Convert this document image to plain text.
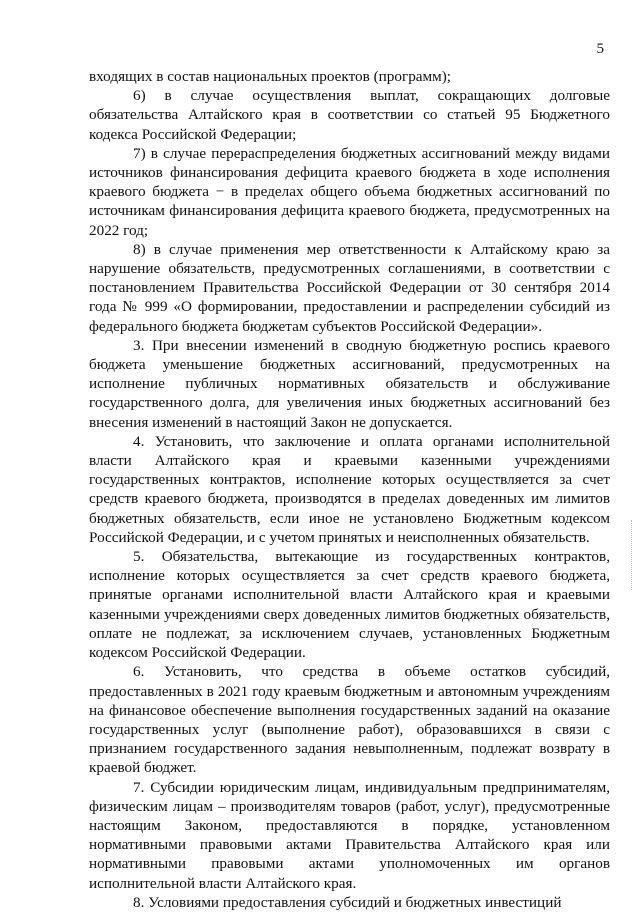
5

входящих в состав национальных проектов (программ);

6) в случае осуществления выплат, сокращающих долговые обязательства Алтайского края в соответствии со статьей 95 Бюджетного кодекса Российской Федерации;

7) в случае перераспределения бюджетных ассигнований между видами источников финансирования дефицита краевого бюджета в ходе исполнения краевого бюджета − в пределах общего объема бюджетных ассигнований по источникам финансирования дефицита краевого бюджета, предусмотренных на 2022 год;

8) в случае применения мер ответственности к Алтайскому краю за нарушение обязательств, предусмотренных соглашениями, в соответствии с постановлением Правительства Российской Федерации от 30 сентября 2014 года № 999 «О формировании, предоставлении и распределении субсидий из федерального бюджета бюджетам субъектов Российской Федерации».

3. При внесении изменений в сводную бюджетную роспись краевого бюджета уменьшение бюджетных ассигнований, предусмотренных на исполнение публичных нормативных обязательств и обслуживание государственного долга, для увеличения иных бюджетных ассигнований без внесения изменений в настоящий Закон не допускается.

4. Установить, что заключение и оплата органами исполнительной власти Алтайского края и краевыми казенными учреждениями государственных контрактов, исполнение которых осуществляется за счет средств краевого бюджета, производятся в пределах доведенных им лимитов бюджетных обязательств, если иное не установлено Бюджетным кодексом Российской Федерации, и с учетом принятых и неисполненных обязательств.

5. Обязательства, вытекающие из государственных контрактов, исполнение которых осуществляется за счет средств краевого бюджета, принятые органами исполнительной власти Алтайского края и краевыми казенными учреждениями сверх доведенных лимитов бюджетных обязательств, оплате не подлежат, за исключением случаев, установленных Бюджетным кодексом Российской Федерации.

6. Установить, что средства в объеме остатков субсидий, предоставленных в 2021 году краевым бюджетным и автономным учреждениям на финансовое обеспечение выполнения государственных заданий на оказание государственных услуг (выполнение работ), образовавшихся в связи с признанием государственного задания невыполненным, подлежат возврату в краевой бюджет.

7. Субсидии юридическим лицам, индивидуальным предпринимателям, физическим лицам – производителям товаров (работ, услуг), предусмотренные настоящим Законом, предоставляются в порядке, установленном нормативными правовыми актами Правительства Алтайского края или нормативными правовыми актами уполномоченных им органов исполнительной власти Алтайского края.

8. Условиями предоставления субсидий и бюджетных инвестиций
